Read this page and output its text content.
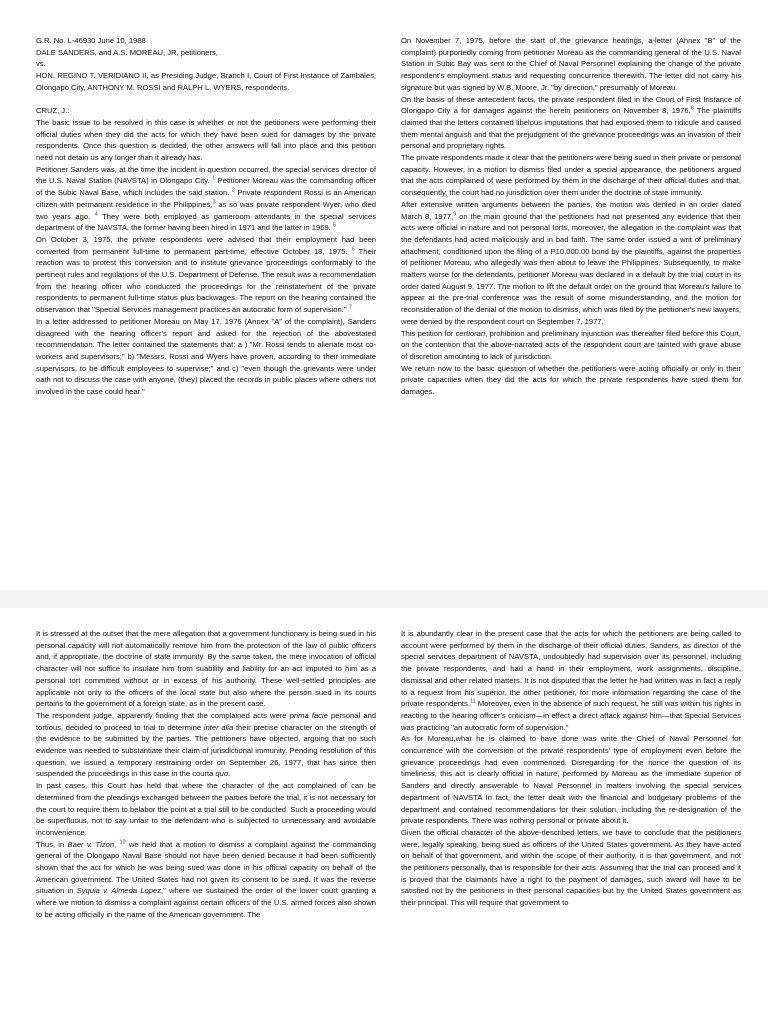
G.R. No. L-46930 June 10, 1988

DALE SANDERS, and A.S. MOREAU, JR, petitioners,

vs.

HON. REGINO T. VERIDIANO II, as Presiding Judge, Branch I, Court of First Instance of Zambales, Olongapo City, ANTHONY M. ROSSI and RALPH L. WYERS, respondents.

CRUZ, J.:

The basic issue to be resolved in this case is whether or not the petitioners were performing their official duties when they did the acts for which they have been sued for damages by the private respondents. Once this question is decided, the other answers will fall into place and this petition need not detain us any longer than it already has.

Petitioner Sanders was, at the time the incident in question occurred, the special services director of the U.S. Naval Station (NAVSTA) in Olongapo City. $^1$ Petitioner Moreau was the commanding officer of the Subic Naval Base, which includes the said station. $^2$ Private respondent Rossi is an American citizen with permanent residence in the Philippines,$^3$ as so was private respondent Wyer, who died two years ago. $^4$ They were both employed as gameroom attendants in the special services department of the NAVSTA, the former having been hired in 1971 and the latter in 1969. $^5$

On October 3, 1975, the private respondents were advised that their employment had been converted from permanent full-time to permanent part-time, effective October 18, 1975. $^6$ Their reaction was to protest this conversion and to institute grievance proceedings conformably to the pertinent rules and regulations of the U.S. Department of Defense. The result was a recommendation from the hearing officer who conducted the proceedings for the reinstatement of the private respondents to permanent full-time status plus backwages. The report on the hearing contained the observation that "Special Services management practices an autocratic form of supervision." $^7$

In a letter addressed to petitioner Moreau on May 17, 1976 (Annex "A" of the complaint), Sanders disagreed with the hearing officer's report and asked for the rejection of the abovestated recommendation. The letter contained the statements that: a ) "Mr. Rossi tends to alienate most co-workers and supervisors;" b) "Messrs. Rossi and Wyers have proven, according to their immediate supervisors, to be difficult employees to supervise;" and c) "even though the grievants were under oath not to discuss the case with anyone, (they) placed the records in public places where others not involved in the case could hear."

On November 7, 1975, before the start of the grievance hearings, a-letter (Annex "B" of the complaint) purportedly coming from petitioner Moreau as the commanding general of the U.S. Naval Station in Subic Bay was sent to the Chief of Naval Personnel explaining the change of the private respondent's employment status and requesting concurrence therewith. The letter did not carry his signature but was signed by W.B. Moore, Jr. "by direction," presumably of Moreau.

On the basis of these antecedent facts, the private respondent filed in the Court of First Instance of Olongapo City a for damages against the herein petitioners on November 8, 1976.$^8$ The plaintiffs claimed that the letters contained libelous imputations that had exposed them to ridicule and caused them mental anguish and that the prejudgment of the grievance proceedings was an invasion of their personal and proprietary rights.

The private respondents made it clear that the petitioners were being sued in their private or personal capacity. However, in a motion to dismiss filed under a special appearance, the petitioners argued that the acts complained of were performed by them in the discharge of their official duties and that, consequently, the court had no jurisdiction over them under the doctrine of state immunity.

After extensive written arguments between the parties, the motion was denied in an order dated March 8, 1977,$^9$ on the main ground that the petitioners had not presented any evidence that their acts were official in nature and not personal torts, moreover, the allegation in the complaint was that the defendants had acted maliciously and in bad faith. The same order issued a writ of preliminary attachment, conditioned upon the filing of a P10,000.00 bond by the plaintiffs, against the properties of petitioner Moreau, who allegedly was then about to leave the Philippines. Subsequently, to make matters worse for the defendants, petitioner Moreau was declared in a default by the trial court in its order dated August 9, 1977. The motion to lift the default order on the ground that Moreau's failure to appear at the pre-trial conference was the result of some misunderstanding, and the motion for reconsideration of the denial of the motion to dismiss, which was filed by the petitioner's new lawyers, were denied by the respondent court on September 7, 1977.

This petition for certiorari, prohibition and preliminary injunction was thereafter filed before this Court, on the contention that the above-narrated acts of the respondent court are tainted with grave abuse of discretion amounting to lack of jurisdiction.

We return now to the basic question of whether the petitioners were acting officially or only in their private capacities when they did the acts for which the private respondents have sued them for damages.

It is stressed at the outset that the mere allegation that a government functionary is being sued in his personal capacity will not automatically remove him from the protection of the law of public officers and, if appropriate, the doctrine of state immunity. By the same token, the mere invocation of official character will not suffice to insulate him from suability and liability for an act imputed to him as a personal tort committed without or in excess of his authority. These well-settled principles are applicable not only to the officers of the local state but also where the person sued in its courts pertains to the government of a foreign state, as in the present case.

The respondent judge, apparently finding that the complained acts were prima facie personal and tortious, decided to proceed to trial to determine inter alia their precise character on the strength of the evidence to be submitted by the parties. The petitioners have objected, arguing that no such evidence was needed to substantiate their claim of jurisdictional immunity. Pending resolution of this question, we issued a temporary restraining order on September 26, 1977, that has since then suspended the proceedings in this case in the courta quo.

In past cases, this Court has held that where the character of the act complained of can be determined from the pleadings exchanged between the parties before the trial, it is not necessary for the court to require them to belabor the point at a trial still to be conducted. Such a proceeding would be superfluous, not to say unfair to the defendant who is subjected to unnecessary and avoidable inconvenience.

Thus, in Baer v. Tizon, $^{10}$ we held that a motion to dismiss a complaint against the commanding general of the Olongapo Naval Base should not have been denied because it had been sufficiently shown that the act for which he was being sued was done in his official capacity on behalf of the American government. The United States had not given its consent to be sued. It was the reverse situation in Syquia v. Almeda Lopez," where we sustained the order of the lower court granting a where we motion to dismiss a complaint against certain officers of the U.S. armed forces also shown to be acting officially in the name of the American government. The

It is abundantly clear in the present case that the acts for which the petitioners are being called to account were performed by them in the discharge of their official duties. Sanders, as director of the special services department of NAVSTA, undoubtedly had supervision over its personnel, including the private respondents, and had a hand in their employment, work assignments, discipline, dismissal and other related matters. It is not disputed that the letter he had written was in fact a reply to a request from his superior, the other petitioner, for more information regarding the case of the private respondents.$^{11}$ Moreover, even in the absence of such request, he still was within his rights in reacting to the hearing officer's criticism—in effect a direct attack against him—that Special Services was practicing "an autocratic form of supervision."

As for Moreau,what he is claimed to have done was write the Chief of Naval Personnel for concurrence with the conversion of the private respondents' type of employment even before the grievance proceedings had even commenced. Disregarding for the nonce the question of its timeliness, this act is clearly official in nature, performed by Moreau as the immediate superior of Sanders and directly answerable to Naval Personnel in matters involving the special services department of NAVSTA In fact, the letter dealt with the financial and budgetary problems of the department and contained recommendations for their solution, including the re-designation of the private respondents. There was nothing personal or private about it.

Given the official character of the above-described letters, we have to conclude that the petitioners were, legally speaking, being sued as officers of the United States government. As they have acted on behalf of that government, and within the scope of their authority, it is that government, and not the petitioners personally, that is responsible for their acts. Assuming that the trial can proceed and it is proved that the claimants have a right to the payment of damages, such award will have to be satisfied not by the petitioners in their personal capacities but by the United States government as their principal. This will require that government to
